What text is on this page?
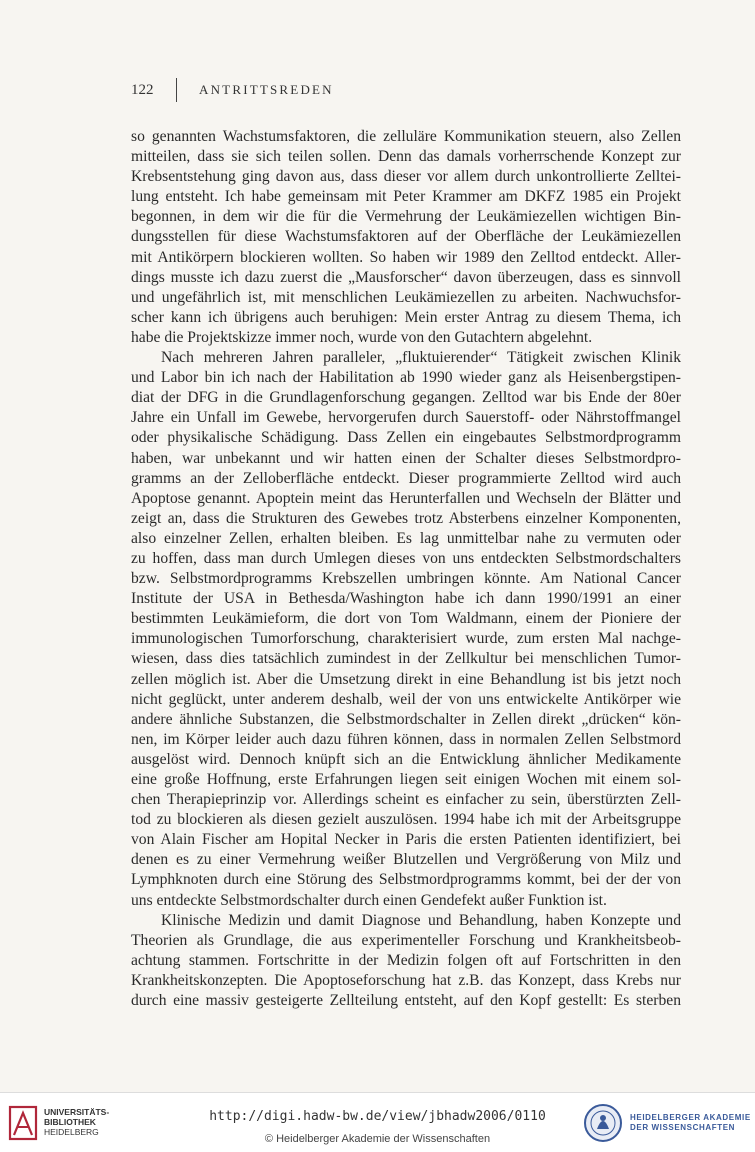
122	ANTRITTSREDEN

so genannten Wachstumsfaktoren, die zelluläre Kommunikation steuern, also Zellen
mitteilen, dass sie sich teilen sollen. Denn das damals vorherrschende Konzept zur
Krebsentstehung ging davon aus, dass dieser vor allem durch unkontrollierte Zelltei-
lung entsteht. Ich habe gemeinsam mit Peter Krammer am DKFZ 1985 ein Projekt
begonnen, in dem wir die für die Vermehrung der Leukämiezellen wichtigen Bin-
dungsstellen für diese Wachstumsfaktoren auf der Oberfläche der Leukämiezellen
mit Antikörpern blockieren wollten. So haben wir 1989 den Zelltod entdeckt. Aller-
dings musste ich dazu zuerst die „Mausforscher“ davon überzeugen, dass es sinnvoll
und ungefährlich ist, mit menschlichen Leukämiezellen zu arbeiten. Nachwuchsfor-
scher kann ich übrigens auch beruhigen: Mein erster Antrag zu diesem Thema, ich
habe die Projektskizze immer noch, wurde von den Gutachtern abgelehnt.

Nach mehreren Jahren paralleler, „fluktuierender“ Tätigkeit zwischen Klinik
und Labor bin ich nach der Habilitation ab 1990 wieder ganz als Heisenbergstipen-
diat der DFG in die Grundlagenforschung gegangen. Zelltod war bis Ende der 80er
Jahre ein Unfall im Gewebe, hervorgerufen durch Sauerstoff- oder Nährstoffmangel
oder physikalische Schädigung. Dass Zellen ein eingebautes Selbstmordprogramm
haben, war unbekannt und wir hatten einen der Schalter dieses Selbstmordpro-
gramms an der Zelloberfläche entdeckt. Dieser programmierte Zelltod wird auch
Apoptose genannt. Apoptein meint das Herunterfallen und Wechseln der Blätter und
zeigt an, dass die Strukturen des Gewebes trotz Absterbens einzelner Komponenten,
also einzelner Zellen, erhalten bleiben. Es lag unmittelbar nahe zu vermuten oder
zu hoffen, dass man durch Umlegen dieses von uns entdeckten Selbstmordschalters
bzw. Selbstmordprogramms Krebszellen umbringen könnte. Am National Cancer
Institute der USA in Bethesda/Washington habe ich dann 1990/1991 an einer
bestimmten Leukämieform, die dort von Tom Waldmann, einem der Pioniere der
immunologischen Tumorforschung, charakterisiert wurde, zum ersten Mal nachge-
wiesen, dass dies tatsächlich zumindest in der Zellkultur bei menschlichen Tumor-
zellen möglich ist. Aber die Umsetzung direkt in eine Behandlung ist bis jetzt noch
nicht geglückt, unter anderem deshalb, weil der von uns entwickelte Antikörper wie
andere ähnliche Substanzen, die Selbstmordschalter in Zellen direkt „drücken“ kön-
nen, im Körper leider auch dazu führen können, dass in normalen Zellen Selbstmord
ausgelöst wird. Dennoch knüpft sich an die Entwicklung ähnlicher Medikamente
eine große Hoffnung, erste Erfahrungen liegen seit einigen Wochen mit einem sol-
chen Therapieprinzip vor. Allerdings scheint es einfacher zu sein, überstürzten Zell-
tod zu blockieren als diesen gezielt auszulösen. 1994 habe ich mit der Arbeitsgruppe
von Alain Fischer am Hopital Necker in Paris die ersten Patienten identifiziert, bei
denen es zu einer Vermehrung weißer Blutzellen und Vergrößerung von Milz und
Lymphknoten durch eine Störung des Selbstmordprogramms kommt, bei der der von
uns entdeckte Selbstmordschalter durch einen Gendefekt außer Funktion ist.

Klinische Medizin und damit Diagnose und Behandlung, haben Konzepte und
Theorien als Grundlage, die aus experimenteller Forschung und Krankheitsbeob-
achtung stammen. Fortschritte in der Medizin folgen oft auf Fortschritten in den
Krankheitskonzepten. Die Apoptoseforschung hat z.B. das Konzept, dass Krebs nur
durch eine massiv gesteigerte Zellteilung entsteht, auf den Kopf gestellt: Es sterben

UNIVERSITÄTS-
BIBLIOTHEK
HEIDELBERG
http://digi.hadw-bw.de/view/jbhadw2006/0110
© Heidelberger Akademie der Wissenschaften
HEIDELBERGER AKADEMIE
DER WISSENSCHAFTEN
